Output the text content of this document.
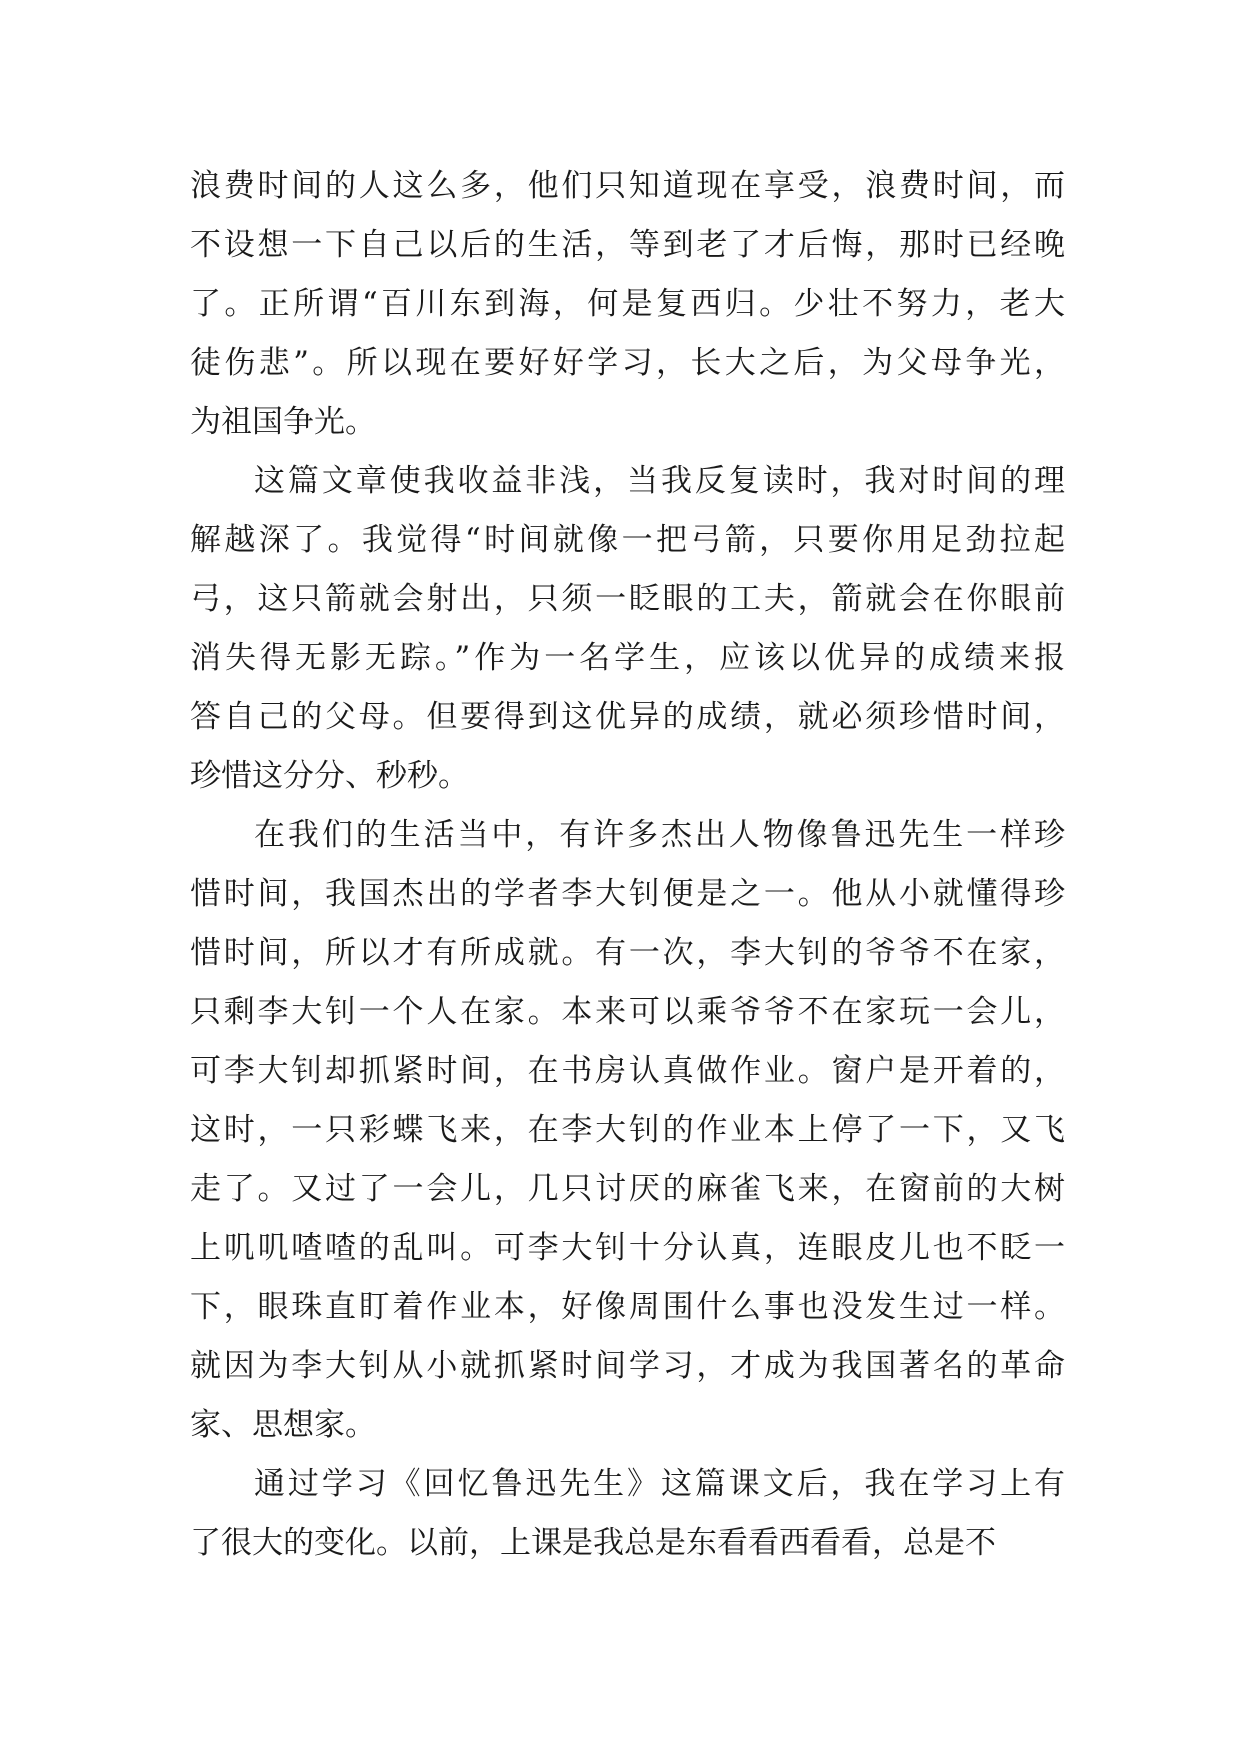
浪费时间的人这么多，他们只知道现在享受，浪费时间，而
不设想一下自己以后的生活，等到老了才后悔，那时已经晚
了。正所谓“百川东到海，何是复西归。少壮不努力，老大
徒伤悲”。所以现在要好好学习，长大之后，为父母争光，
为祖国争光。
这篇文章使我收益非浅，当我反复读时，我对时间的理
解越深了。我觉得“时间就像一把弓箭，只要你用足劲拉起
弓，这只箭就会射出，只须一眨眼的工夫，箭就会在你眼前
消失得无影无踪。”作为一名学生，应该以优异的成绩来报
答自己的父母。但要得到这优异的成绩，就必须珍惜时间，
珍惜这分分、秒秒。
在我们的生活当中，有许多杰出人物像鲁迅先生一样珍
惜时间，我国杰出的学者李大钊便是之一。他从小就懂得珍
惜时间，所以才有所成就。有一次，李大钊的爷爷不在家，
只剩李大钊一个人在家。本来可以乘爷爷不在家玩一会儿，
可李大钊却抓紧时间，在书房认真做作业。窗户是开着的，
这时，一只彩蝶飞来，在李大钊的作业本上停了一下，又飞
走了。又过了一会儿，几只讨厌的麻雀飞来，在窗前的大树
上叽叽喳喳的乱叫。可李大钊十分认真，连眼皮儿也不眨一
下，眼珠直盯着作业本，好像周围什么事也没发生过一样。
就因为李大钊从小就抓紧时间学习，才成为我国著名的革命
家、思想家。
通过学习《回忆鲁迅先生》这篇课文后，我在学习上有
了很大的变化。以前，上课是我总是东看看西看看，总是不
